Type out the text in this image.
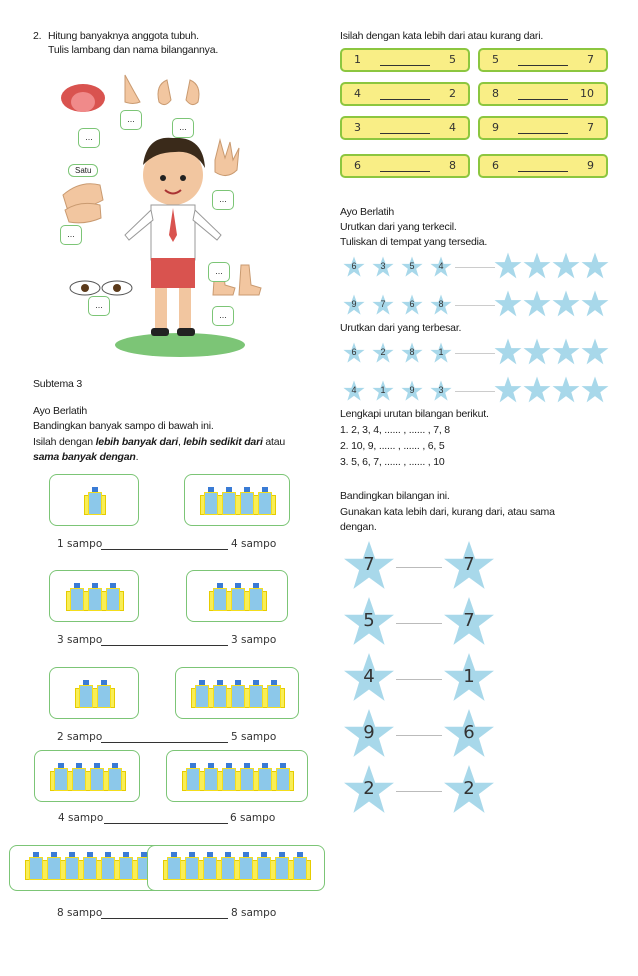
2. Hitung banyaknya anggota tubuh.
Tulis lambang dan nama bilangannya.
...
...
...
...
...
...
...
...
Satu
Subtema 3
Ayo Berlatih
Bandingkan banyak sampo di bawah ini.
Isilah dengan lebih banyak dari, lebih sedikit dari atau
sama banyak dengan.
1 sampo	4 sampo
3 sampo	3 sampo
2 sampo	5 sampo
4 sampo	6 sampo
8 sampo	8 sampo
Isilah dengan kata lebih dari atau kurang dari.
1	5	5	7
4	2	8	10
3	4	9	7
6	8	6	9
Ayo Berlatih
Urutkan dari yang terkecil.
Tuliskan di tempat yang tersedia.
6	3	5	4
9	7	6	8
Urutkan dari yang terbesar.
6	2	8	1
4	1	9	3
Lengkapi urutan bilangan berikut.
1. 2, 3, 4, ...... , ...... , 7, 8
2. 10, 9, ...... , ...... , 6, 5
3. 5, 6, 7, ...... , ...... , 10
Bandingkan bilangan ini.
Gunakan kata lebih dari, kurang dari, atau sama
dengan.
7	7
5	7
4	1
9	6
2	2
